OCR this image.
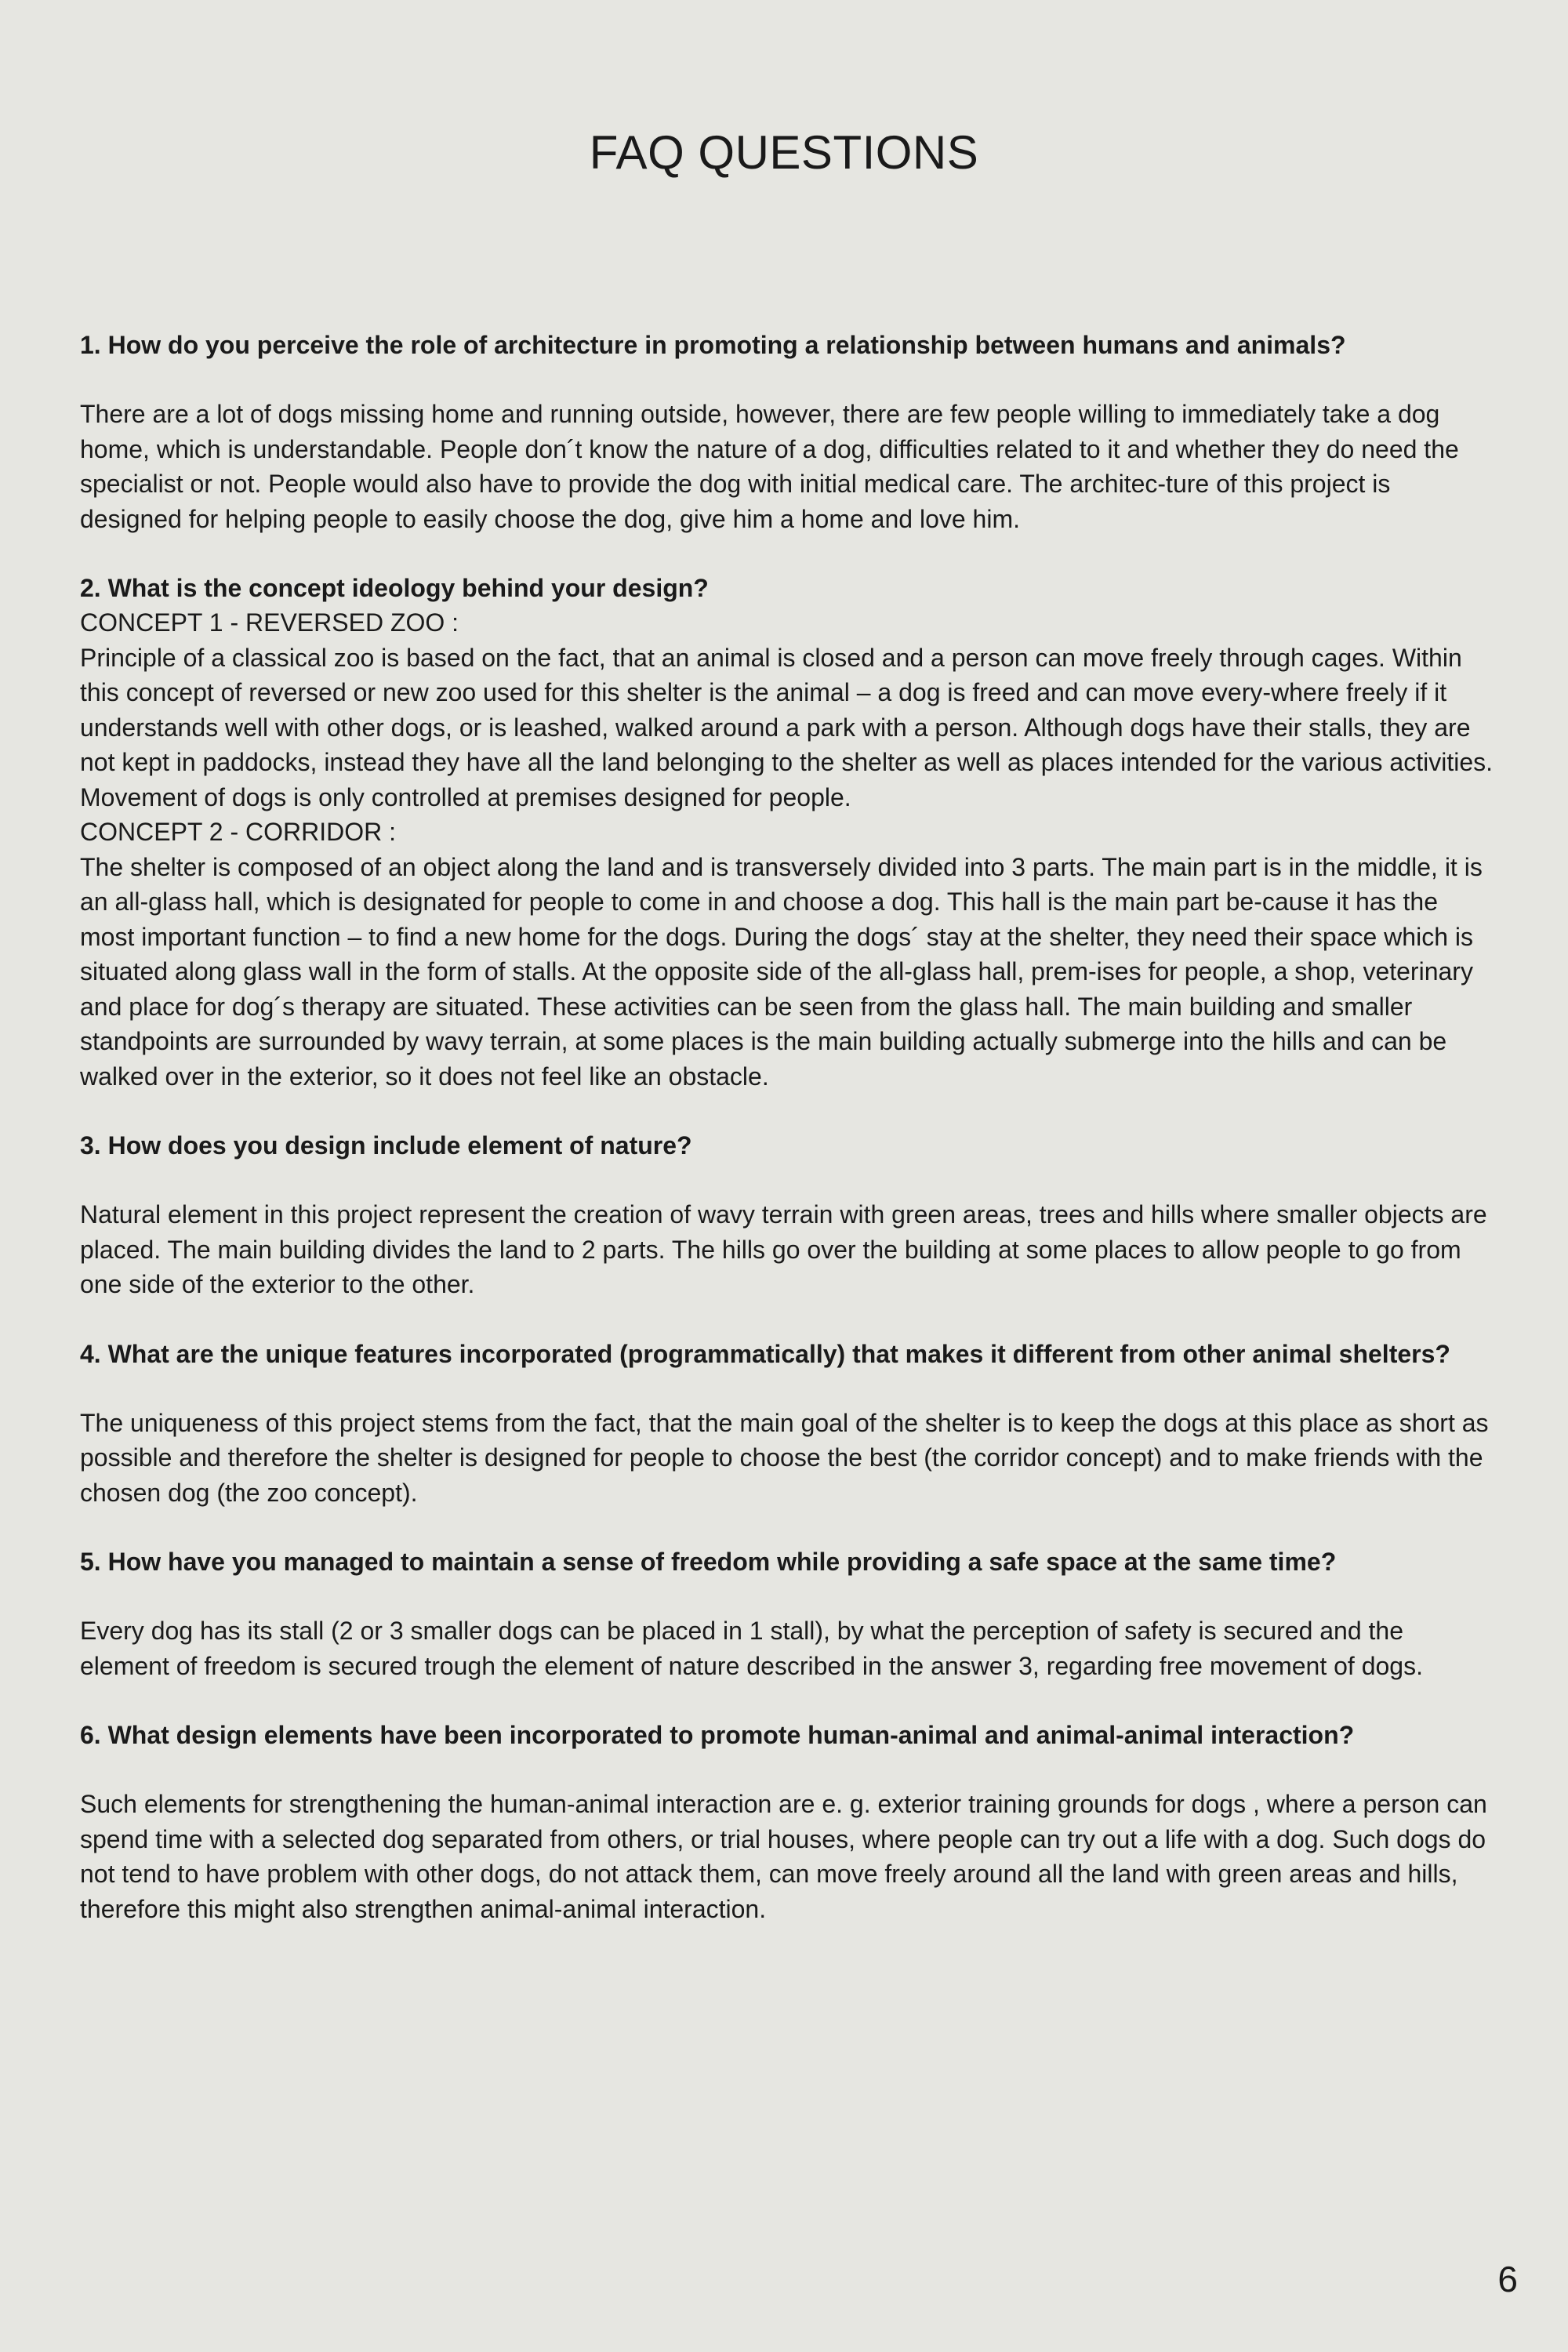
FAQ QUESTIONS

1. How do you perceive the role of architecture in promoting a relationship between humans and animals?

There are a lot of dogs missing home and running outside, however, there are few people willing to immediately take a dog home, which is understandable. People don´t know the nature of a dog, difficulties related to it and whether they do need the specialist or not. People would also have to provide the dog with initial medical care. The architec-ture of this project is designed for helping people to easily choose the dog, give him a home and love him.

2. What is the concept ideology behind your design?

CONCEPT 1 - REVERSED ZOO :

Principle of a classical zoo is based on the fact, that an animal is closed and a person can move freely through cages. Within this concept of reversed or new zoo used for this shelter is the animal – a dog is freed and can move every-where freely if it understands well with other dogs, or is leashed, walked around a park with a person. Although dogs have their stalls, they are not kept in paddocks, instead they have all the land belonging to the shelter as well as places intended for the various activities. Movement of dogs is only controlled at premises designed for people.

CONCEPT 2 - CORRIDOR :

The shelter is composed of an object along the land and is transversely divided into 3 parts. The main part is in the middle, it is an all-glass hall, which is designated for people to come in and choose a dog. This hall is the main part be-cause it has the most important function – to find a new home for the dogs. During the dogs´ stay at the shelter, they need their space which is situated along glass wall in the form of stalls. At the opposite side of the all-glass hall, prem-ises for people, a shop, veterinary and place for dog´s therapy are situated. These activities can be seen from the glass hall. The main building and smaller standpoints are surrounded by wavy terrain, at some places is the main building actually submerge into the hills and can be walked over in the exterior, so it does not feel like an obstacle.

3. How does you design include element of nature?

Natural element in this project represent the creation of wavy terrain with green areas, trees and hills where smaller objects are placed. The main building divides the land to 2 parts. The hills go over the building at some places to allow people to go from one side of the exterior to the other.

4. What are the unique features incorporated (programmatically) that makes it different from other animal shelters?

The uniqueness of this project stems from the fact, that the main goal of the shelter is to keep the dogs at this place as short as possible and therefore the shelter is designed for people to choose the best (the corridor concept) and to make friends with the chosen dog (the zoo concept).

5. How have you managed to maintain a sense of freedom while providing a safe space at the same time?

Every dog has its stall (2 or 3 smaller dogs can be placed in 1 stall), by what the perception of safety is secured and the element of freedom is secured trough the element of nature described in the answer 3, regarding free movement of dogs.

6. What design elements have been incorporated to promote human-animal and animal-animal interaction?

Such elements for strengthening the human-animal interaction are e. g. exterior training grounds for dogs , where a person can spend time with a selected dog separated from others, or trial houses, where people can try out a life with a dog. Such dogs do not tend to have problem with other dogs, do not attack them, can move freely around all the land with green areas and hills, therefore this might also strengthen animal-animal interaction.

6
